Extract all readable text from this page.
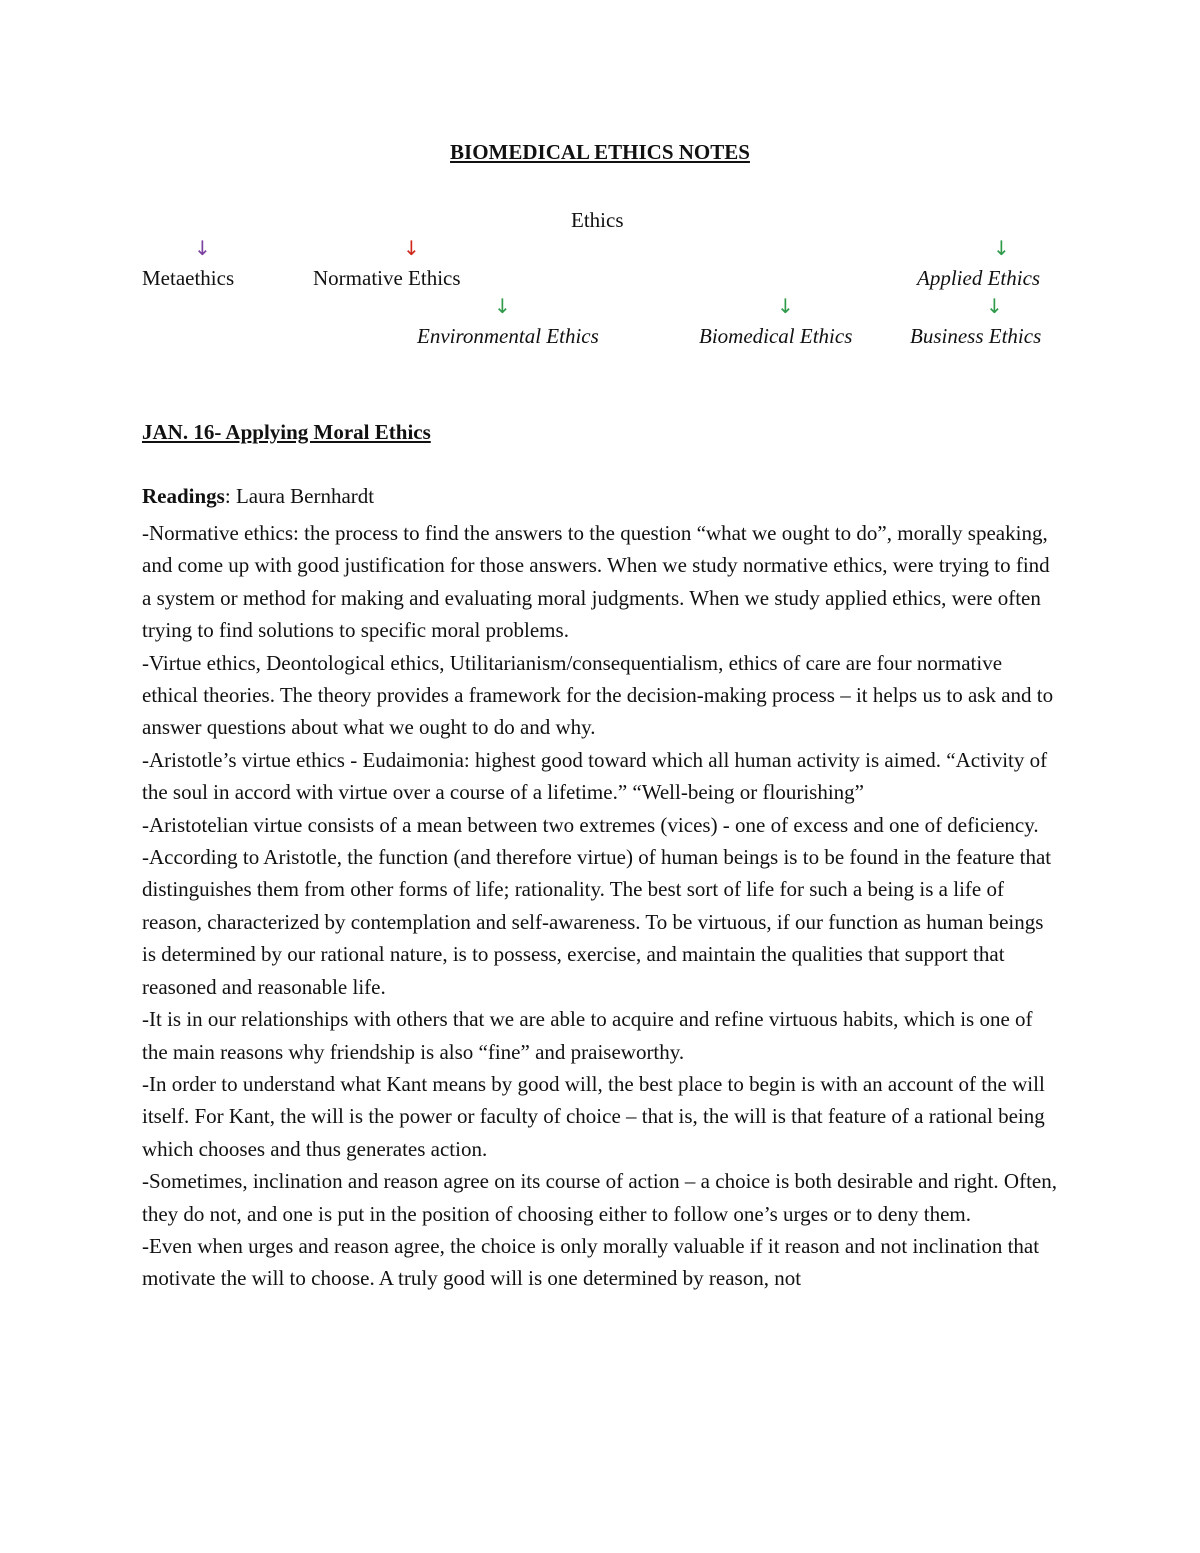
BIOMEDICAL ETHICS NOTES
Ethics
↓	↓	↓
Metaethics	Normative Ethics	Applied Ethics
↓	↓	↓
Environmental Ethics	Biomedical Ethics	Business Ethics
JAN. 16- Applying Moral Ethics
Readings: Laura Bernhardt

-Normative ethics: the process to find the answers to the question “what we ought to do”, morally speaking, and come up with good justification for those answers. When we study normative ethics, were trying to find a system or method for making and evaluating moral judgments. When we study applied ethics, were often trying to find solutions to specific moral problems.

-Virtue ethics, Deontological ethics, Utilitarianism/consequentialism, ethics of care are four normative ethical theories. The theory provides a framework for the decision-making process – it helps us to ask and to answer questions about what we ought to do and why.

-Aristotle’s virtue ethics - Eudaimonia: highest good toward which all human activity is aimed. “Activity of the soul in accord with virtue over a course of a lifetime.” “Well-being or flourishing”

-Aristotelian virtue consists of a mean between two extremes (vices) - one of excess and one of deficiency.

-According to Aristotle, the function (and therefore virtue) of human beings is to be found in the feature that distinguishes them from other forms of life; rationality. The best sort of life for such a being is a life of reason, characterized by contemplation and self-awareness. To be virtuous, if our function as human beings is determined by our rational nature, is to possess, exercise, and maintain the qualities that support that reasoned and reasonable life.

-It is in our relationships with others that we are able to acquire and refine virtuous habits, which is one of the main reasons why friendship is also “fine” and praiseworthy.

-In order to understand what Kant means by good will, the best place to begin is with an account of the will itself. For Kant, the will is the power or faculty of choice – that is, the will is that feature of a rational being which chooses and thus generates action.

-Sometimes, inclination and reason agree on its course of action – a choice is both desirable and right. Often, they do not, and one is put in the position of choosing either to follow one’s urges or to deny them.

-Even when urges and reason agree, the choice is only morally valuable if it reason and not inclination that motivate the will to choose. A truly good will is one determined by reason, not
